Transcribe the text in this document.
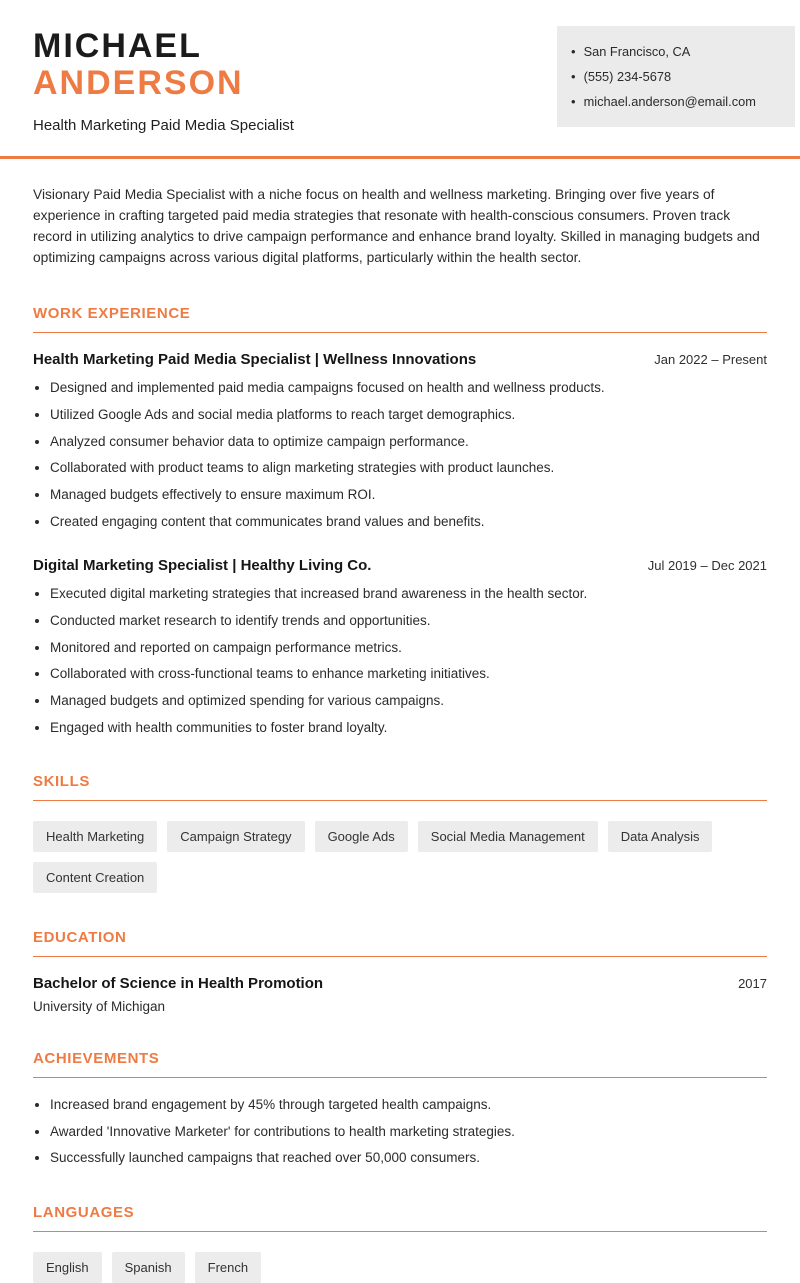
MICHAEL
ANDERSON
Health Marketing Paid Media Specialist
• San Francisco, CA
• (555) 234-5678
• michael.anderson@email.com

Visionary Paid Media Specialist with a niche focus on health and wellness marketing. Bringing over five years of experience in crafting targeted paid media strategies that resonate with health-conscious consumers. Proven track record in utilizing analytics to drive campaign performance and enhance brand loyalty. Skilled in managing budgets and optimizing campaigns across various digital platforms, particularly within the health sector.

WORK EXPERIENCE
Health Marketing Paid Media Specialist | Wellness Innovations	Jan 2022 – Present
• Designed and implemented paid media campaigns focused on health and wellness products.
• Utilized Google Ads and social media platforms to reach target demographics.
• Analyzed consumer behavior data to optimize campaign performance.
• Collaborated with product teams to align marketing strategies with product launches.
• Managed budgets effectively to ensure maximum ROI.
• Created engaging content that communicates brand values and benefits.
Digital Marketing Specialist | Healthy Living Co.	Jul 2019 – Dec 2021
• Executed digital marketing strategies that increased brand awareness in the health sector.
• Conducted market research to identify trends and opportunities.
• Monitored and reported on campaign performance metrics.
• Collaborated with cross-functional teams to enhance marketing initiatives.
• Managed budgets and optimized spending for various campaigns.
• Engaged with health communities to foster brand loyalty.
SKILLS
Health Marketing	Campaign Strategy	Google Ads	Social Media Management	Data Analysis
Content Creation
EDUCATION
Bachelor of Science in Health Promotion	2017
University of Michigan
ACHIEVEMENTS
• Increased brand engagement by 45% through targeted health campaigns.
• Awarded 'Innovative Marketer' for contributions to health marketing strategies.
• Successfully launched campaigns that reached over 50,000 consumers.
LANGUAGES
English	Spanish	French
